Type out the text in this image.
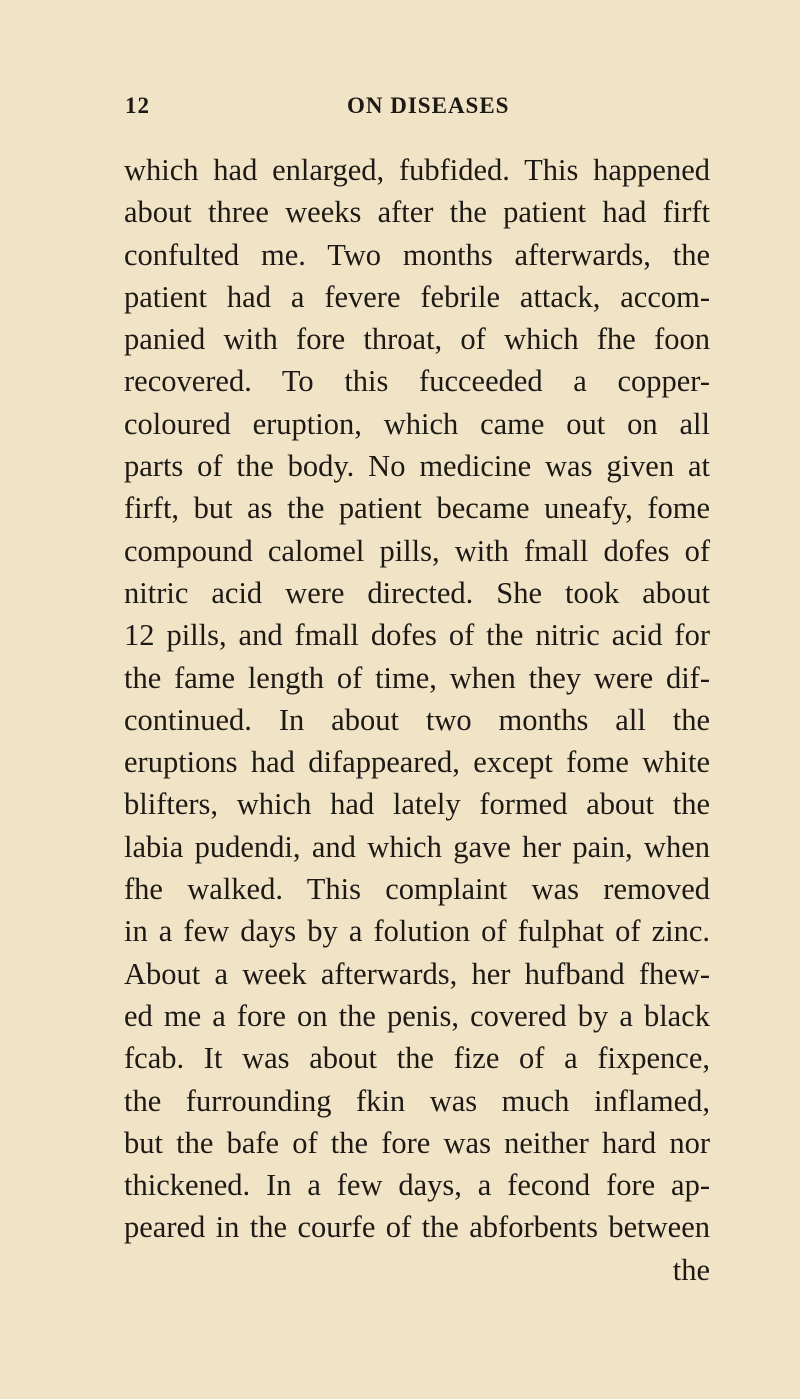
12	ON DISEASES
which had enlarged, fubfided. This happened
about three weeks after the patient had firft
confulted me. Two months afterwards, the
patient had a fevere febrile attack, accom-
panied with fore throat, of which fhe foon
recovered. To this fucceeded a copper-
coloured eruption, which came out on all
parts of the body. No medicine was given at
firft, but as the patient became uneafy, fome
compound calomel pills, with fmall dofes of
nitric acid were directed. She took about
12 pills, and fmall dofes of the nitric acid for
the fame length of time, when they were dif-
continued. In about two months all the
eruptions had difappeared, except fome white
blifters, which had lately formed about the
labia pudendi, and which gave her pain, when
fhe walked. This complaint was removed
in a few days by a folution of fulphat of zinc.
About a week afterwards, her hufband fhew-
ed me a fore on the penis, covered by a black
fcab. It was about the fize of a fixpence,
the furrounding fkin was much inflamed,
but the bafe of the fore was neither hard nor
thickened. In a few days, a fecond fore ap-
peared in the courfe of the abforbents between
the
